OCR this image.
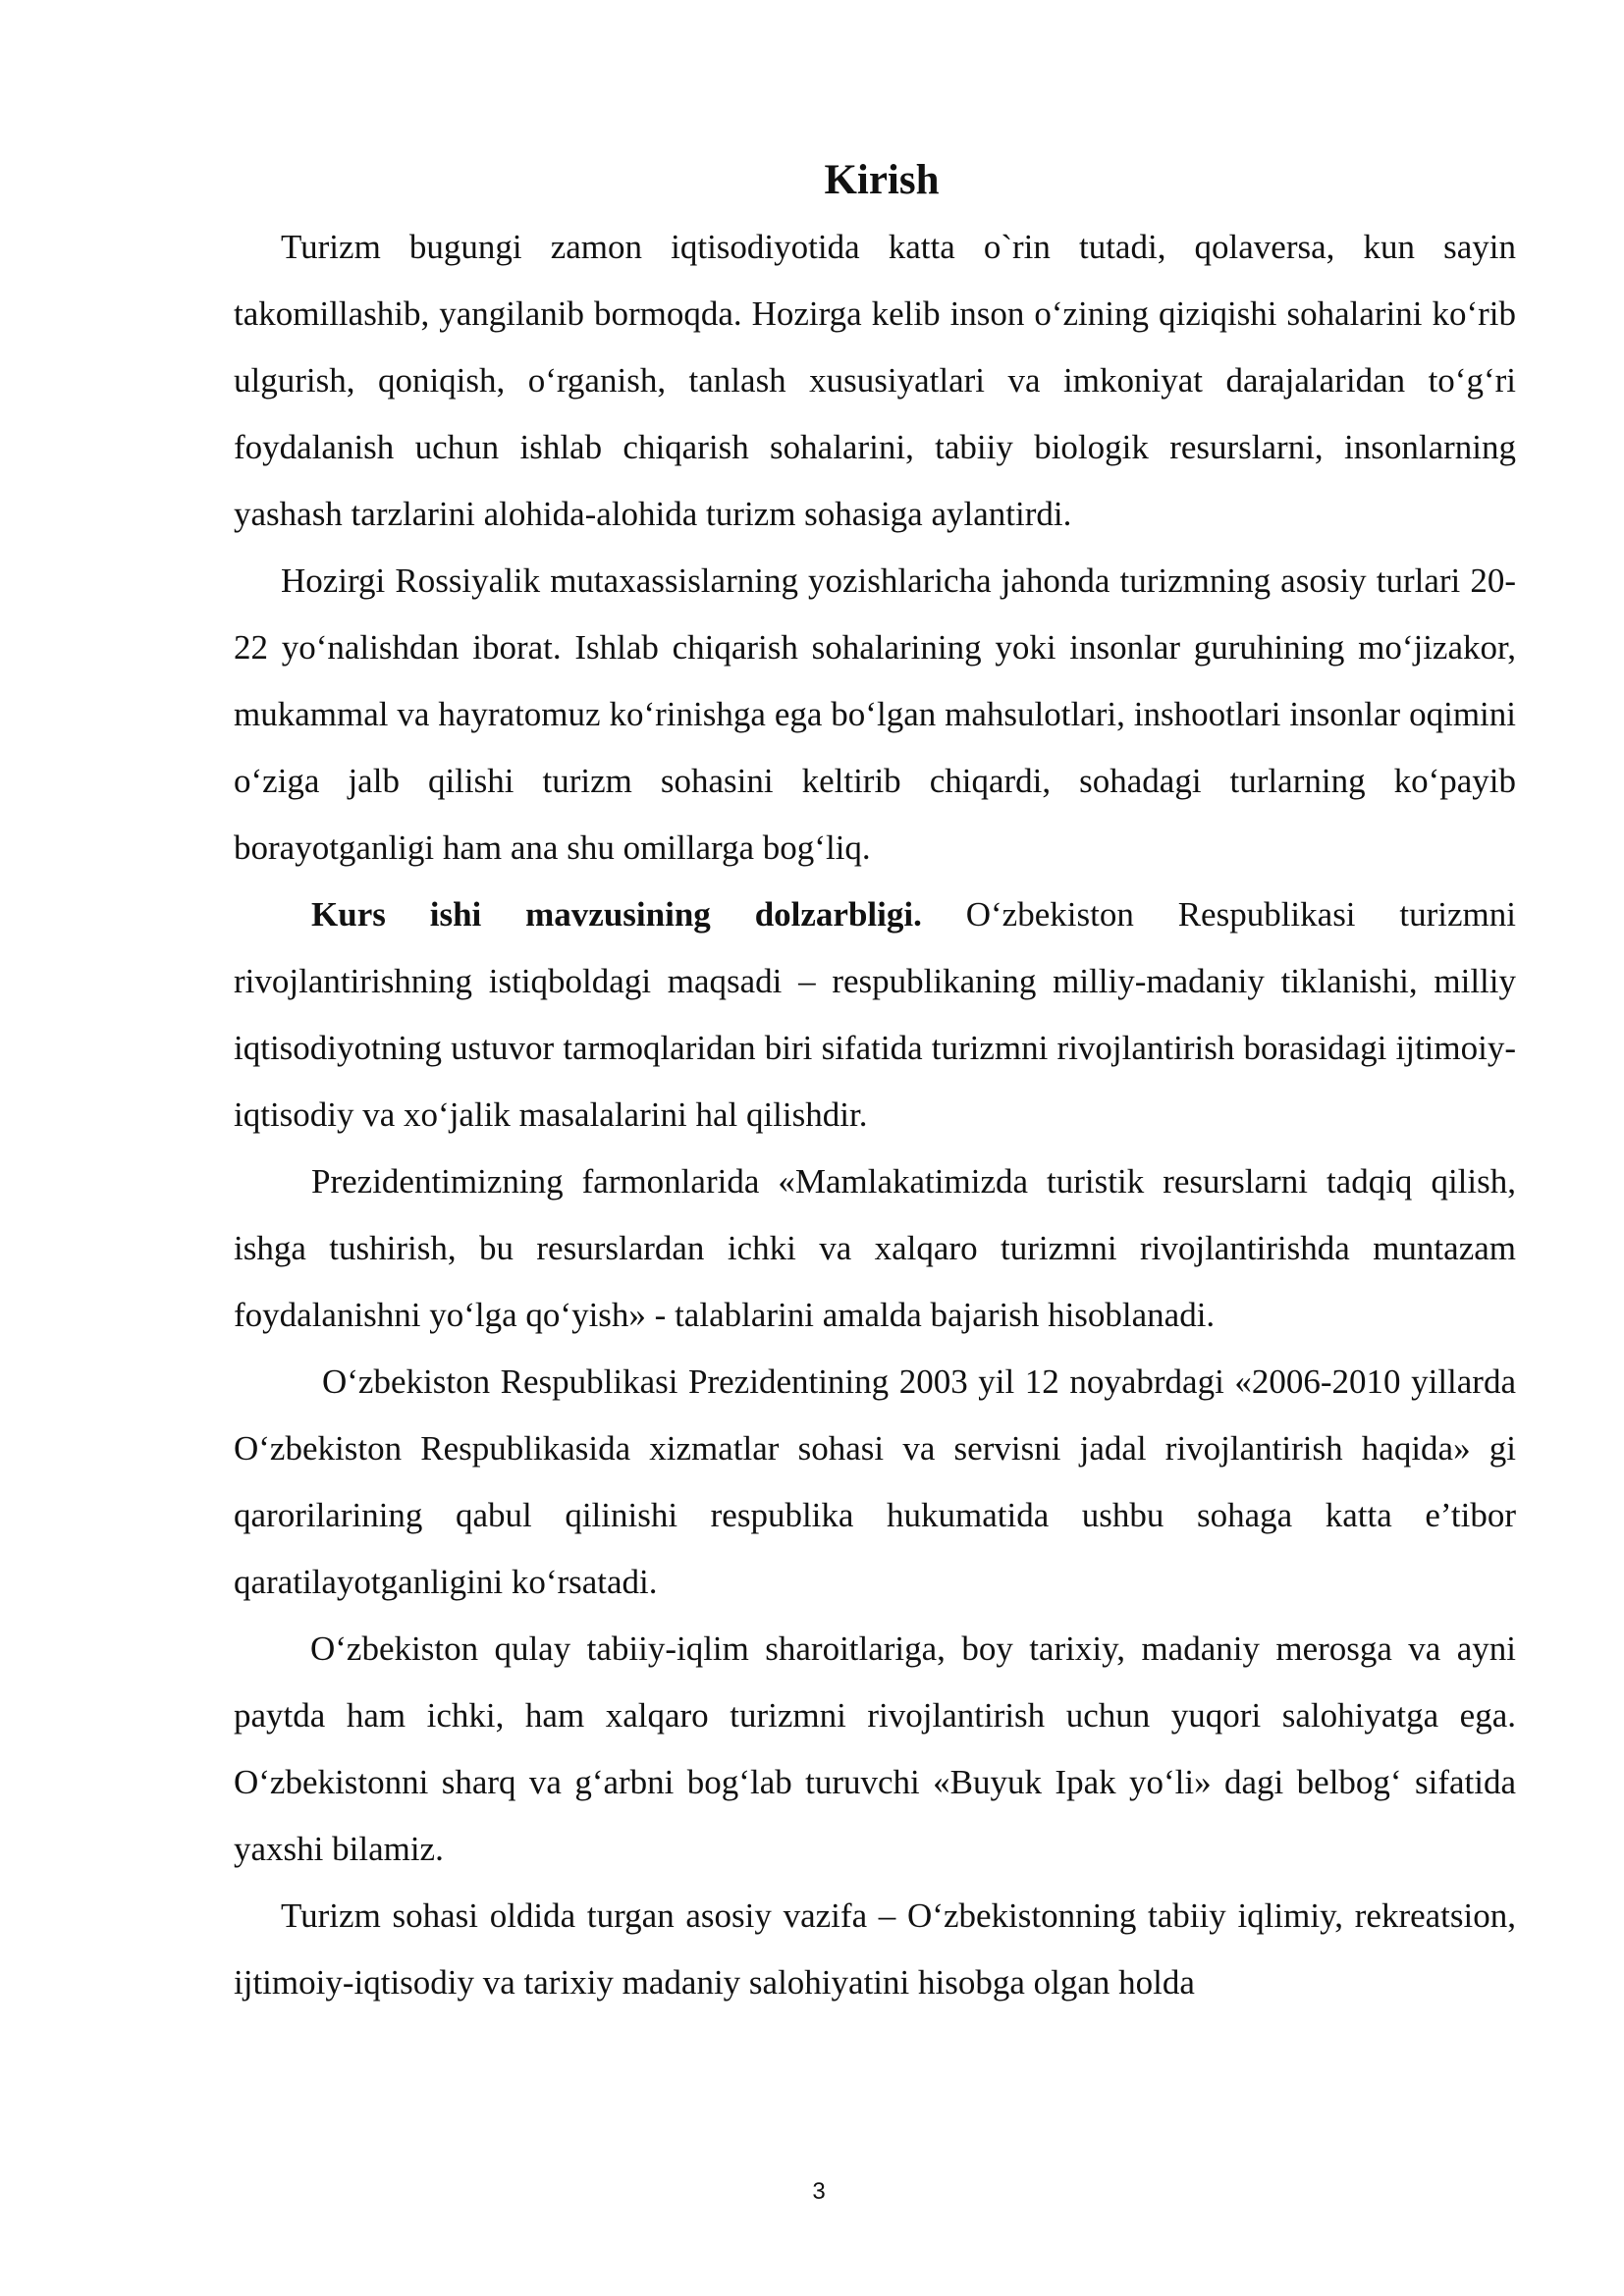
Kirish

Turizm bugungi zamon iqtisodiyotida katta o`rin tutadi, qolaversa, kun sayin takomillashib, yangilanib bormoqda. Hozirga kelib inson o‘zining qiziqishi sohalarini ko‘rib ulgurish, qoniqish, o‘rganish, tanlash xususiyatlari va imkoniyat darajalaridan to‘g‘ri foydalanish uchun ishlab chiqarish sohalarini, tabiiy biologik resurslarni, insonlarning yashash tarzlarini alohida-alohida turizm sohasiga aylantirdi.

Hozirgi Rossiyalik mutaxassislarning yozishlaricha jahonda turizmning asosiy turlari 20-22 yo‘nalishdan iborat. Ishlab chiqarish sohalarining yoki insonlar guruhining mo‘jizakor, mukammal va hayratomuz ko‘rinishga ega bo‘lgan mahsulotlari, inshootlari insonlar oqimini o‘ziga jalb qilishi turizm sohasini keltirib chiqardi, sohadagi turlarning ko‘payib borayotganligi ham ana shu omillarga bog‘liq.

Kurs ishi mavzusining dolzarbligi. O‘zbekiston Respublikasi turizmni rivojlantirishning istiqboldagi maqsadi – respublikaning milliy-madaniy tiklanishi, milliy iqtisodiyotning ustuvor tarmoqlaridan biri sifatida turizmni rivojlantirish borasidagi ijtimoiy-iqtisodiy va xo‘jalik masalalarini hal qilishdir.

Prezidentimizning farmonlarida «Mamlakatimizda turistik resurslarni tadqiq qilish, ishga tushirish, bu resurslardan ichki va xalqaro turizmni rivojlantirishda muntazam foydalanishni yo‘lga qo‘yish» - talablarini amalda bajarish hisoblanadi.

O‘zbekiston Respublikasi Prezidentining 2003 yil 12 noyabrdagi «2006-2010 yillarda O‘zbekiston Respublikasida xizmatlar sohasi va servisni jadal rivojlantirish haqida» gi qarorilarining qabul qilinishi respublika hukumatida ushbu sohaga katta e’tibor qaratilayotganligini ko‘rsatadi.

O‘zbekiston qulay tabiiy-iqlim sharoitlariga, boy tarixiy, madaniy merosga va ayni paytda ham ichki, ham xalqaro turizmni rivojlantirish uchun yuqori salohiyatga ega. O‘zbekistonni sharq va g‘arbni bog‘lab turuvchi «Buyuk Ipak yo‘li» dagi belbog‘ sifatida yaxshi bilamiz.

Turizm sohasi oldida turgan asosiy vazifa – O‘zbekistonning tabiiy iqlimiy, rekreatsion, ijtimoiy-iqtisodiy va tarixiy madaniy salohiyatini hisobga olgan holda

3
